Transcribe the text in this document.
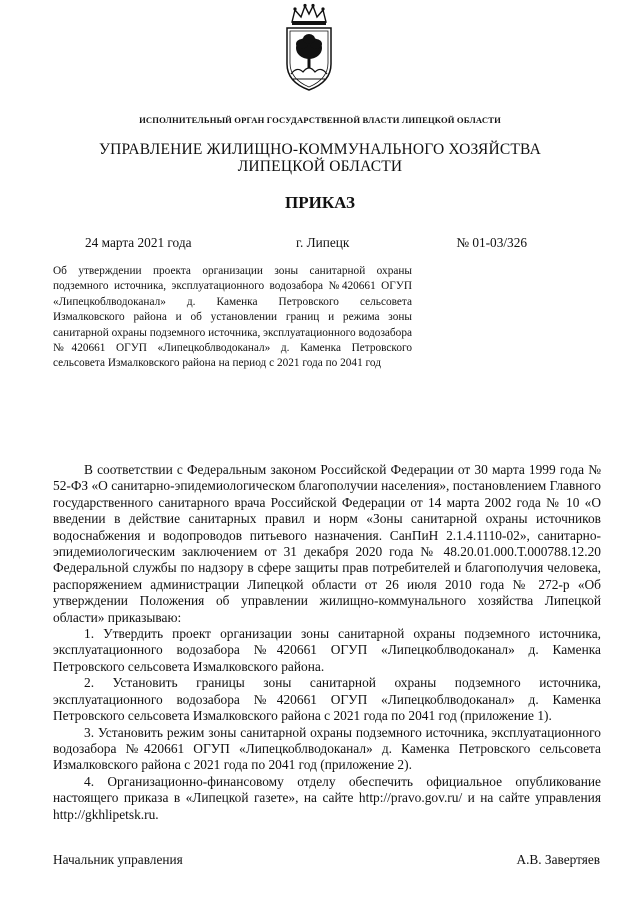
ИСПОЛНИТЕЛЬНЫЙ ОРГАН ГОСУДАРСТВЕННОЙ ВЛАСТИ ЛИПЕЦКОЙ ОБЛАСТИ
УПРАВЛЕНИЕ ЖИЛИЩНО-КОММУНАЛЬНОГО ХОЗЯЙСТВА
ЛИПЕЦКОЙ ОБЛАСТИ
ПРИКАЗ
24 марта 2021 года	г. Липецк	№ 01-03/326
Об утверждении проекта организации зоны санитарной охраны подземного источника, эксплуатационного водозабора №420661 ОГУП «Липецкоблводоканал» д. Каменка Петровского сельсовета Измалковского района и об установлении границ и режима зоны санитарной охраны подземного источника, эксплуатационного водозабора №420661 ОГУП «Липецкоблводоканал» д. Каменка Петровского сельсовета Измалковского района на период с 2021 года по 2041 год

В соответствии с Федеральным законом Российской Федерации от 30 марта 1999 года № 52-ФЗ «О санитарно-эпидемиологическом благополучии населения», постановлением Главного государственного санитарного врача Российской Федерации от 14 марта 2002 года № 10 «О введении в действие санитарных правил и норм «Зоны санитарной охраны источников водоснабжения и водопроводов питьевого назначения. СанПиН 2.1.4.1110-02», санитарно-эпидемиологическим заключением от 31 декабря 2020 года № 48.20.01.000.Т.000788.12.20 Федеральной службы по надзору в сфере защиты прав потребителей и благополучия человека, распоряжением администрации Липецкой области от 26 июля 2010 года № 272-р «Об утверждении Положения об управлении жилищно-коммунального хозяйства Липецкой области» приказываю:

1. Утвердить проект организации зоны санитарной охраны подземного источника, эксплуатационного водозабора №420661 ОГУП «Липецкоблводоканал» д. Каменка Петровского сельсовета Измалковского района.

2. Установить границы зоны санитарной охраны подземного источника, эксплуатационного водозабора №420661 ОГУП «Липецкоблводоканал» д. Каменка Петровского сельсовета Измалковского района с 2021 года по 2041 год (приложение 1).

3. Установить режим зоны санитарной охраны подземного источника, эксплуатационного водозабора №420661 ОГУП «Липецкоблводоканал» д. Каменка Петровского сельсовета Измалковского района с 2021 года по 2041 год (приложение 2).

4. Организационно-финансовому отделу обеспечить официальное опубликование настоящего приказа в «Липецкой газете», на сайте http://pravo.gov.ru/ и на сайте управления http://gkhlipetsk.ru.

Начальник управления	А.В. Завертяев
